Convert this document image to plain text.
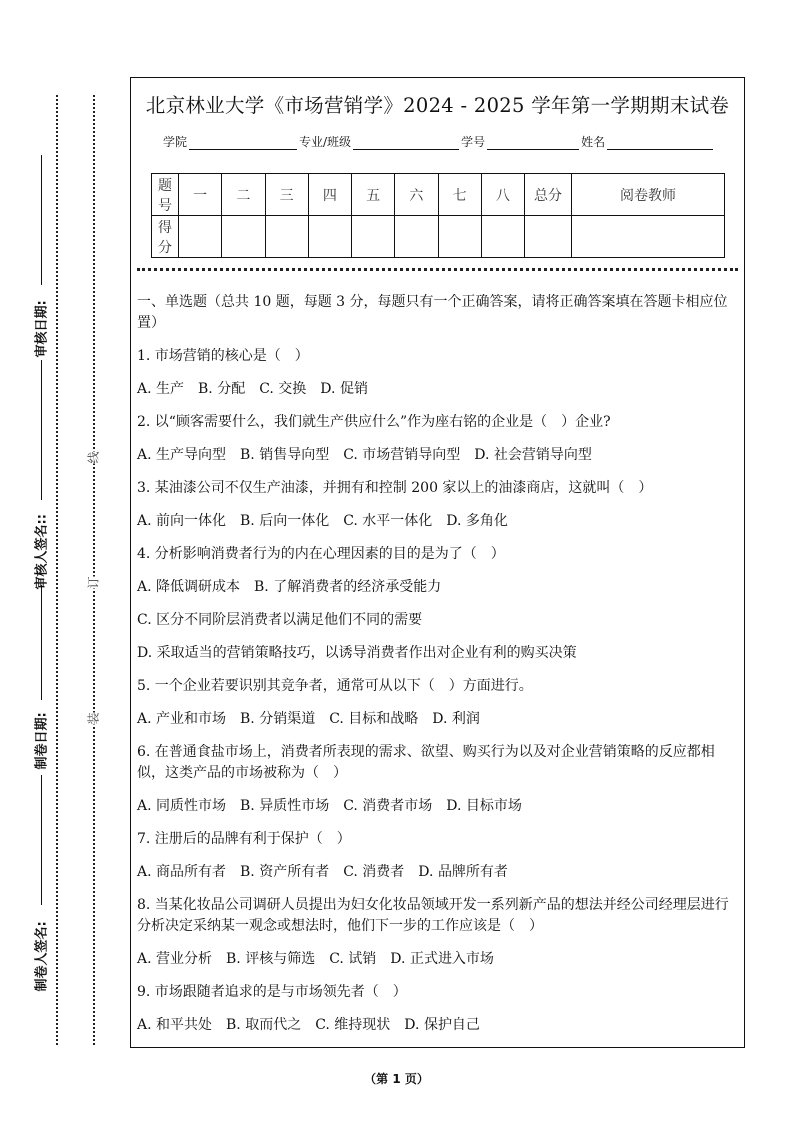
审核日期:
审核人签名::
制卷日期:
制卷人签名:
线
订
装
北京林业大学《市场营销学》2024 - 2025 学年第一学期期末试卷
学院	专业/班级	学号	姓名
题号	一	二	三	四	五	六	七	八	总分	阅卷教师
得分										
一、单选题（总共 10 题，每题 3 分，每题只有一个正确答案，请将正确答案填在答题卡相应位置）
1. 市场营销的核心是（　）
A. 生产　B. 分配　C. 交换　D. 促销
2. 以“顾客需要什么，我们就生产供应什么”作为座右铭的企业是（　）企业?
A. 生产导向型　B. 销售导向型　C. 市场营销导向型　D. 社会营销导向型
3. 某油漆公司不仅生产油漆，并拥有和控制 200 家以上的油漆商店，这就叫（　）
A. 前向一体化　B. 后向一体化　C. 水平一体化　D. 多角化
4. 分析影响消费者行为的内在心理因素的目的是为了（　）
A. 降低调研成本　B. 了解消费者的经济承受能力
C. 区分不同阶层消费者以满足他们不同的需要
D. 采取适当的营销策略技巧，以诱导消费者作出对企业有利的购买决策
5. 一个企业若要识别其竞争者，通常可从以下（　）方面进行。
A. 产业和市场　B. 分销渠道　C. 目标和战略　D. 利润
6. 在普通食盐市场上，消费者所表现的需求、欲望、购买行为以及对企业营销策略的反应都相似，这类产品的市场被称为（　）
A. 同质性市场　B. 异质性市场　C. 消费者市场　D. 目标市场
7. 注册后的品牌有利于保护（　）
A. 商品所有者　B. 资产所有者　C. 消费者　D. 品牌所有者
8. 当某化妆品公司调研人员提出为妇女化妆品领域开发一系列新产品的想法并经公司经理层进行分析决定采纳某一观念或想法时，他们下一步的工作应该是（　）
A. 营业分析　B. 评核与筛选　C. 试销　D. 正式进入市场
9. 市场跟随者追求的是与市场领先者（　）
A. 和平共处　B. 取而代之　C. 维持现状　D. 保护自己
（第 1 页）
